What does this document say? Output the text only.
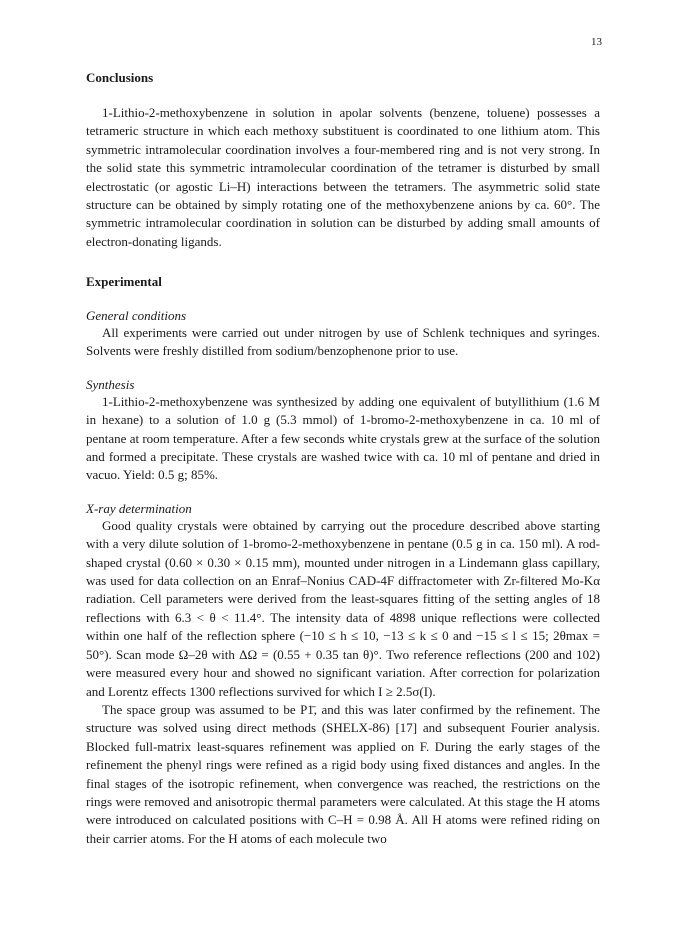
13
Conclusions

1-Lithio-2-methoxybenzene in solution in apolar solvents (benzene, toluene) possesses a tetrameric structure in which each methoxy substituent is coordinated to one lithium atom. This symmetric intramolecular coordination involves a four-membered ring and is not very strong. In the solid state this symmetric intramolecular coordination of the tetramer is disturbed by small electrostatic (or agostic Li–H) interactions between the tetramers. The asymmetric solid state structure can be obtained by simply rotating one of the methoxybenzene anions by ca. 60°. The symmetric intramolecular coordination in solution can be disturbed by adding small amounts of electron-donating ligands.

Experimental
General conditions

All experiments were carried out under nitrogen by use of Schlenk techniques and syringes. Solvents were freshly distilled from sodium/benzophenone prior to use.

Synthesis

1-Lithio-2-methoxybenzene was synthesized by adding one equivalent of butyllithium (1.6 M in hexane) to a solution of 1.0 g (5.3 mmol) of 1-bromo-2-methoxybenzene in ca. 10 ml of pentane at room temperature. After a few seconds white crystals grew at the surface of the solution and formed a precipitate. These crystals are washed twice with ca. 10 ml of pentane and dried in vacuo. Yield: 0.5 g; 85%.

X-ray determination

Good quality crystals were obtained by carrying out the procedure described above starting with a very dilute solution of 1-bromo-2-methoxybenzene in pentane (0.5 g in ca. 150 ml). A rod-shaped crystal (0.60 × 0.30 × 0.15 mm), mounted under nitrogen in a Lindemann glass capillary, was used for data collection on an Enraf–Nonius CAD-4F diffractometer with Zr-filtered Mo-Kα radiation. Cell parameters were derived from the least-squares fitting of the setting angles of 18 reflections with 6.3 < θ < 11.4°. The intensity data of 4898 unique reflections were collected within one half of the reflection sphere (−10 ≤ h ≤ 10, −13 ≤ k ≤ 0 and −15 ≤ l ≤ 15; 2θmax = 50°). Scan mode Ω–2θ with ΔΩ = (0.55 + 0.35 tan θ)°. Two reference reflections (200 and 102) were measured every hour and showed no significant variation. After correction for polarization and Lorentz effects 1300 reflections survived for which I ≥ 2.5σ(I).

The space group was assumed to be P1̄, and this was later confirmed by the refinement. The structure was solved using direct methods (SHELX-86) [17] and subsequent Fourier analysis. Blocked full-matrix least-squares refinement was applied on F. During the early stages of the refinement the phenyl rings were refined as a rigid body using fixed distances and angles. In the final stages of the isotropic refinement, when convergence was reached, the restrictions on the rings were removed and anisotropic thermal parameters were calculated. At this stage the H atoms were introduced on calculated positions with C–H = 0.98 Å. All H atoms were refined riding on their carrier atoms. For the H atoms of each molecule two
